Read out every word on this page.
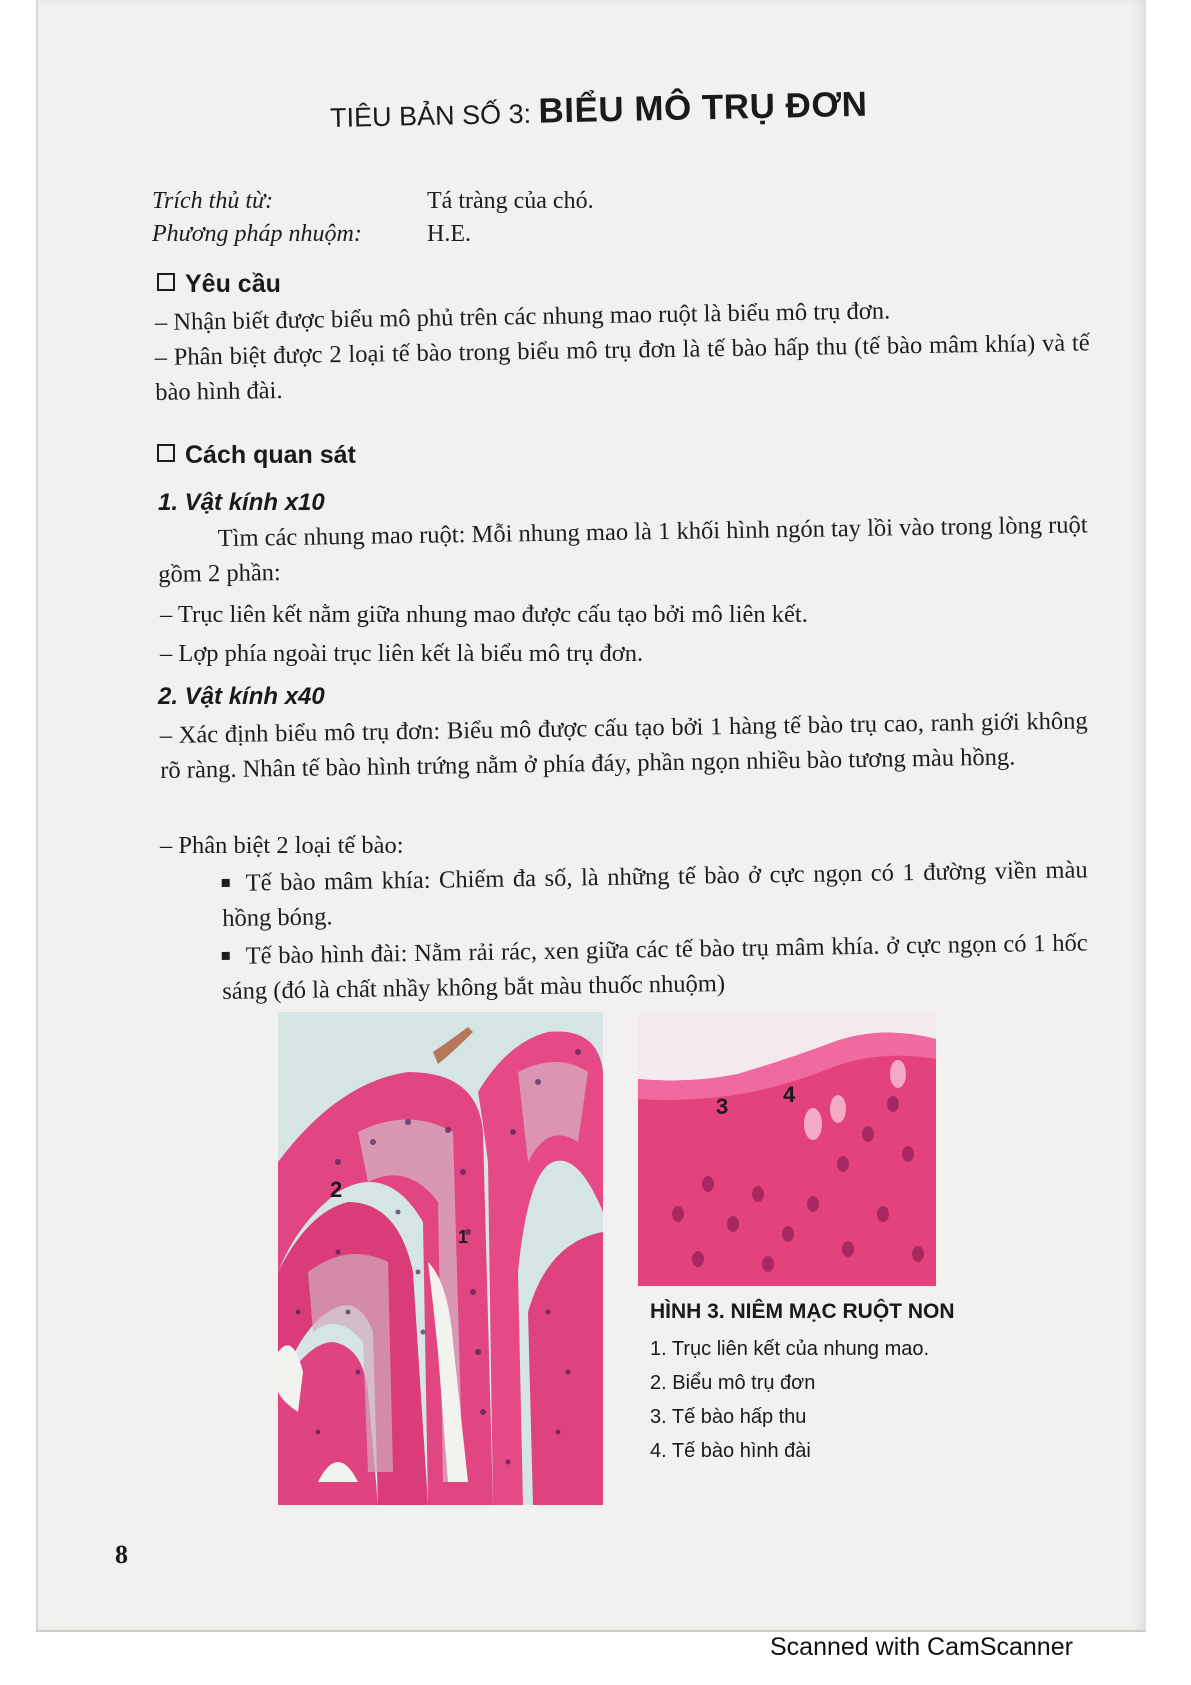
TIÊU BẢN SỐ 3: BIỂU MÔ TRỤ ĐƠN
Trích thủ từ:	Tá tràng của chó.
Phương pháp nhuộm:	H.E.
Yêu cầu
– Nhận biết được biểu mô phủ trên các nhung mao ruột là biểu mô trụ đơn.
– Phân biệt được 2 loại tế bào trong biểu mô trụ đơn là tế bào hấp thu (tế bào mâm khía) và tế bào hình đài.
Cách quan sát
1. Vật kính x10
Tìm các nhung mao ruột: Mỗi nhung mao là 1 khối hình ngón tay lồi vào trong lòng ruột gồm 2 phần:
– Trục liên kết nằm giữa nhung mao được cấu tạo bởi mô liên kết.
– Lợp phía ngoài trục liên kết là biểu mô trụ đơn.
2. Vật kính x40
– Xác định biểu mô trụ đơn: Biểu mô được cấu tạo bởi 1 hàng tế bào trụ cao, ranh giới không rõ ràng. Nhân tế bào hình trứng nằm ở phía đáy, phần ngọn nhiều bào tương màu hồng.
– Phân biệt 2 loại tế bào:
Tế bào mâm khía: Chiếm đa số, là những tế bào ở cực ngọn có 1 đường viền màu hồng bóng.
Tế bào hình đài: Nằm rải rác, xen giữa các tế bào trụ mâm khía. ở cực ngọn có 1 hốc sáng (đó là chất nhầy không bắt màu thuốc nhuộm)
2
1
3 4
HÌNH 3. NIÊM MẠC RUỘT NON
1. Trục liên kết của nhung mao.
2. Biểu mô trụ đơn
3. Tế bào hấp thu
4. Tế bào hình đài
8
Scanned with CamScanner
